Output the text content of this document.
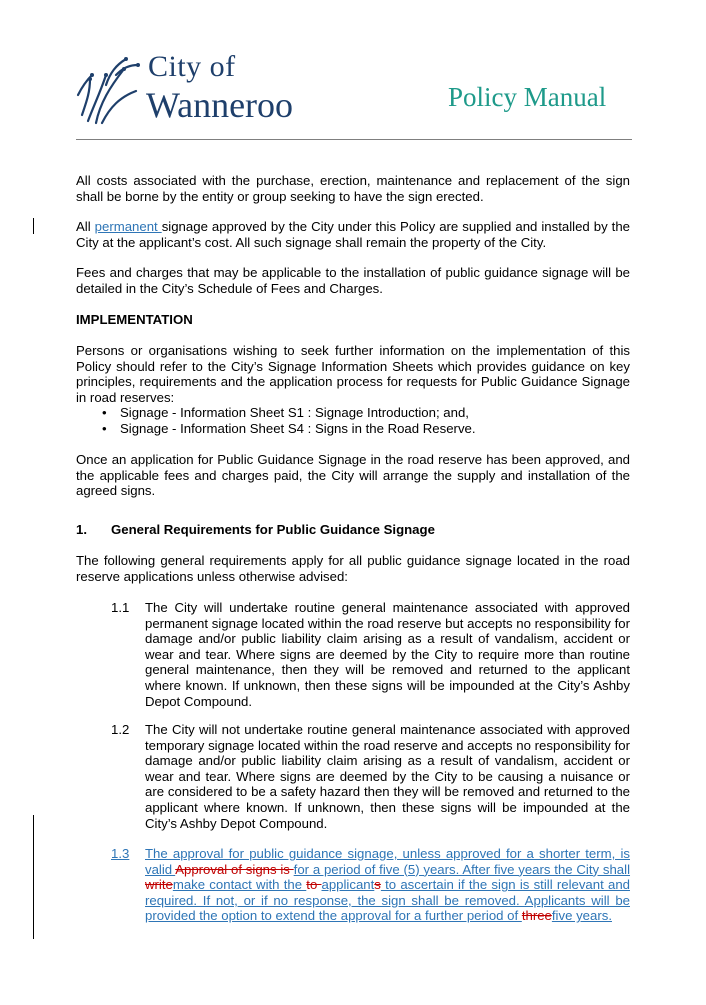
City of
Wanneroo	Policy Manual
All costs associated with the purchase, erection, maintenance and replacement of the sign shall be borne by the entity or group seeking to have the sign erected.
All permanent signage approved by the City under this Policy are supplied and installed by the City at the applicant’s cost. All such signage shall remain the property of the City.
Fees and charges that may be applicable to the installation of public guidance signage will be detailed in the City’s Schedule of Fees and Charges.
IMPLEMENTATION
Persons or organisations wishing to seek further information on the implementation of this Policy should refer to the City’s Signage Information Sheets which provides guidance on key principles, requirements and the application process for requests for Public Guidance Signage in road reserves:
• Signage - Information Sheet S1 : Signage Introduction; and,
• Signage - Information Sheet S4 : Signs in the Road Reserve.
Once an application for Public Guidance Signage in the road reserve has been approved, and the applicable fees and charges paid, the City will arrange the supply and installation of the agreed signs.
1. General Requirements for Public Guidance Signage
The following general requirements apply for all public guidance signage located in the road reserve applications unless otherwise advised:
1.1 The City will undertake routine general maintenance associated with approved permanent signage located within the road reserve but accepts no responsibility for damage and/or public liability claim arising as a result of vandalism, accident or wear and tear. Where signs are deemed by the City to require more than routine general maintenance, then they will be removed and returned to the applicant where known. If unknown, then these signs will be impounded at the City’s Ashby Depot Compound.
1.2 The City will not undertake routine general maintenance associated with approved temporary signage located within the road reserve and accepts no responsibility for damage and/or public liability claim arising as a result of vandalism, accident or wear and tear. Where signs are deemed by the City to be causing a nuisance or are considered to be a safety hazard then they will be removed and returned to the applicant where known. If unknown, then these signs will be impounded at the City’s Ashby Depot Compound.
1.3 The approval for public guidance signage, unless approved for a shorter term, is valid Approval of signs is for a period of five (5) years. After five years the City shall writemake contact with the to applicants to ascertain if the sign is still relevant and required. If not, or if no response, the sign shall be removed. Applicants will be provided the option to extend the approval for a further period of threefive years.
